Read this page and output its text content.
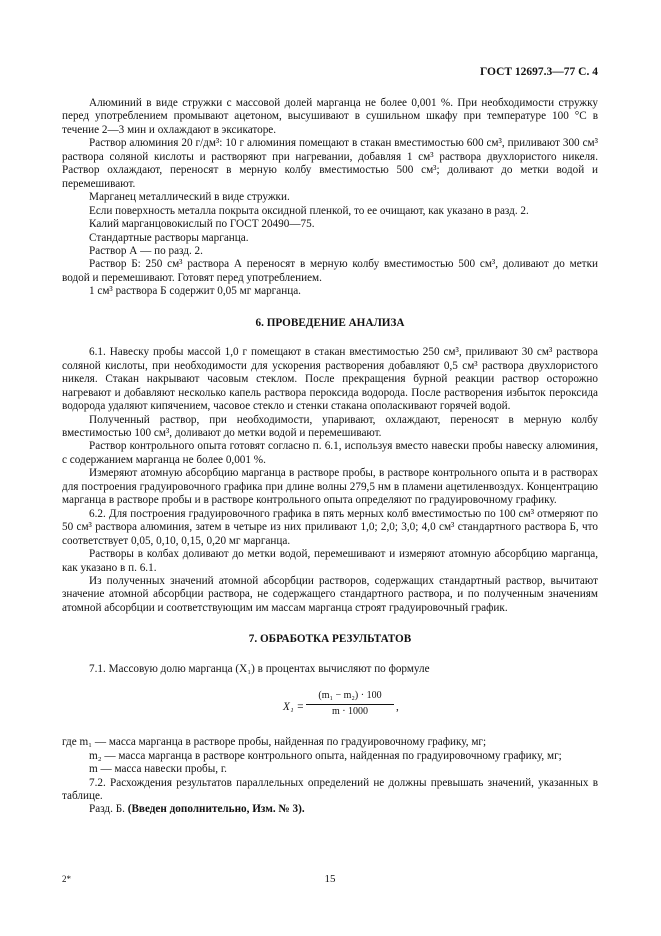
ГОСТ 12697.3—77 С. 4

Алюминий в виде стружки с массовой долей марганца не более 0,001 %. При необходимости стружку перед употреблением промывают ацетоном, высушивают в сушильном шкафу при температуре 100 °С в течение 2—3 мин и охлаждают в эксикаторе.

Раствор алюминия 20 г/дм³: 10 г алюминия помещают в стакан вместимостью 600 см³, приливают 300 см³ раствора соляной кислоты и растворяют при нагревании, добавляя 1 см³ раствора двухлористого никеля. Раствор охлаждают, переносят в мерную колбу вместимостью 500 см³; доливают до метки водой и перемешивают.

Марганец металлический в виде стружки.

Если поверхность металла покрыта оксидной пленкой, то ее очищают, как указано в разд. 2.

Калий марганцовокислый по ГОСТ 20490—75.

Стандартные растворы марганца.

Раствор А — по разд. 2.

Раствор Б: 250 см³ раствора А переносят в мерную колбу вместимостью 500 см³, доливают до метки водой и перемешивают. Готовят перед употреблением.

1 см³ раствора Б содержит 0,05 мг марганца.

6. ПРОВЕДЕНИЕ АНАЛИЗА

6.1. Навеску пробы массой 1,0 г помещают в стакан вместимостью 250 см³, приливают 30 см³ раствора соляной кислоты, при необходимости для ускорения растворения добавляют 0,5 см³ раствора двухлористого никеля. Стакан накрывают часовым стеклом. После прекращения бурной реакции раствор осторожно нагревают и добавляют несколько капель раствора пероксида водорода. После растворения избыток пероксида водорода удаляют кипячением, часовое стекло и стенки стакана ополаскивают горячей водой.

Полученный раствор, при необходимости, упаривают, охлаждают, переносят в мерную колбу вместимостью 100 см³, доливают до метки водой и перемешивают.

Раствор контрольного опыта готовят согласно п. 6.1, используя вместо навески пробы навеску алюминия, с содержанием марганца не более 0,001 %.

Измеряют атомную абсорбцию марганца в растворе пробы, в растворе контрольного опыта и в растворах для построения градуировочного графика при длине волны 279,5 нм в пламени ацетиленвоздух. Концентрацию марганца в растворе пробы и в растворе контрольного опыта определяют по градуировочному графику.

6.2. Для построения градуировочного графика в пять мерных колб вместимостью по 100 см³ отмеряют по 50 см³ раствора алюминия, затем в четыре из них приливают 1,0; 2,0; 3,0; 4,0 см³ стандартного раствора Б, что соответствует 0,05, 0,10, 0,15, 0,20 мг марганца.

Растворы в колбах доливают до метки водой, перемешивают и измеряют атомную абсорбцию марганца, как указано в п. 6.1.

Из полученных значений атомной абсорбции растворов, содержащих стандартный раствор, вычитают значение атомной абсорбции раствора, не содержащего стандартного раствора, и по полученным значениям атомной абсорбции и соответствующим им массам марганца строят градуировочный график.

7. ОБРАБОТКА РЕЗУЛЬТАТОВ

7.1. Массовую долю марганца (X₁) в процентах вычисляют по формуле

$X_1 = \frac{\text{(m₁ − m₂) · 100}}{m \cdot 1000}$ ,

где m₁ — масса марганца в растворе пробы, найденная по градуировочному графику, мг;

m₂ — масса марганца в растворе контрольного опыта, найденная по градуировочному графику, мг;

m — масса навески пробы, г.

7.2. Расхождения результатов параллельных определений не должны превышать значений, указанных в таблице.

Разд. Б. (Введен дополнительно, Изм. № 3).

2*	15
